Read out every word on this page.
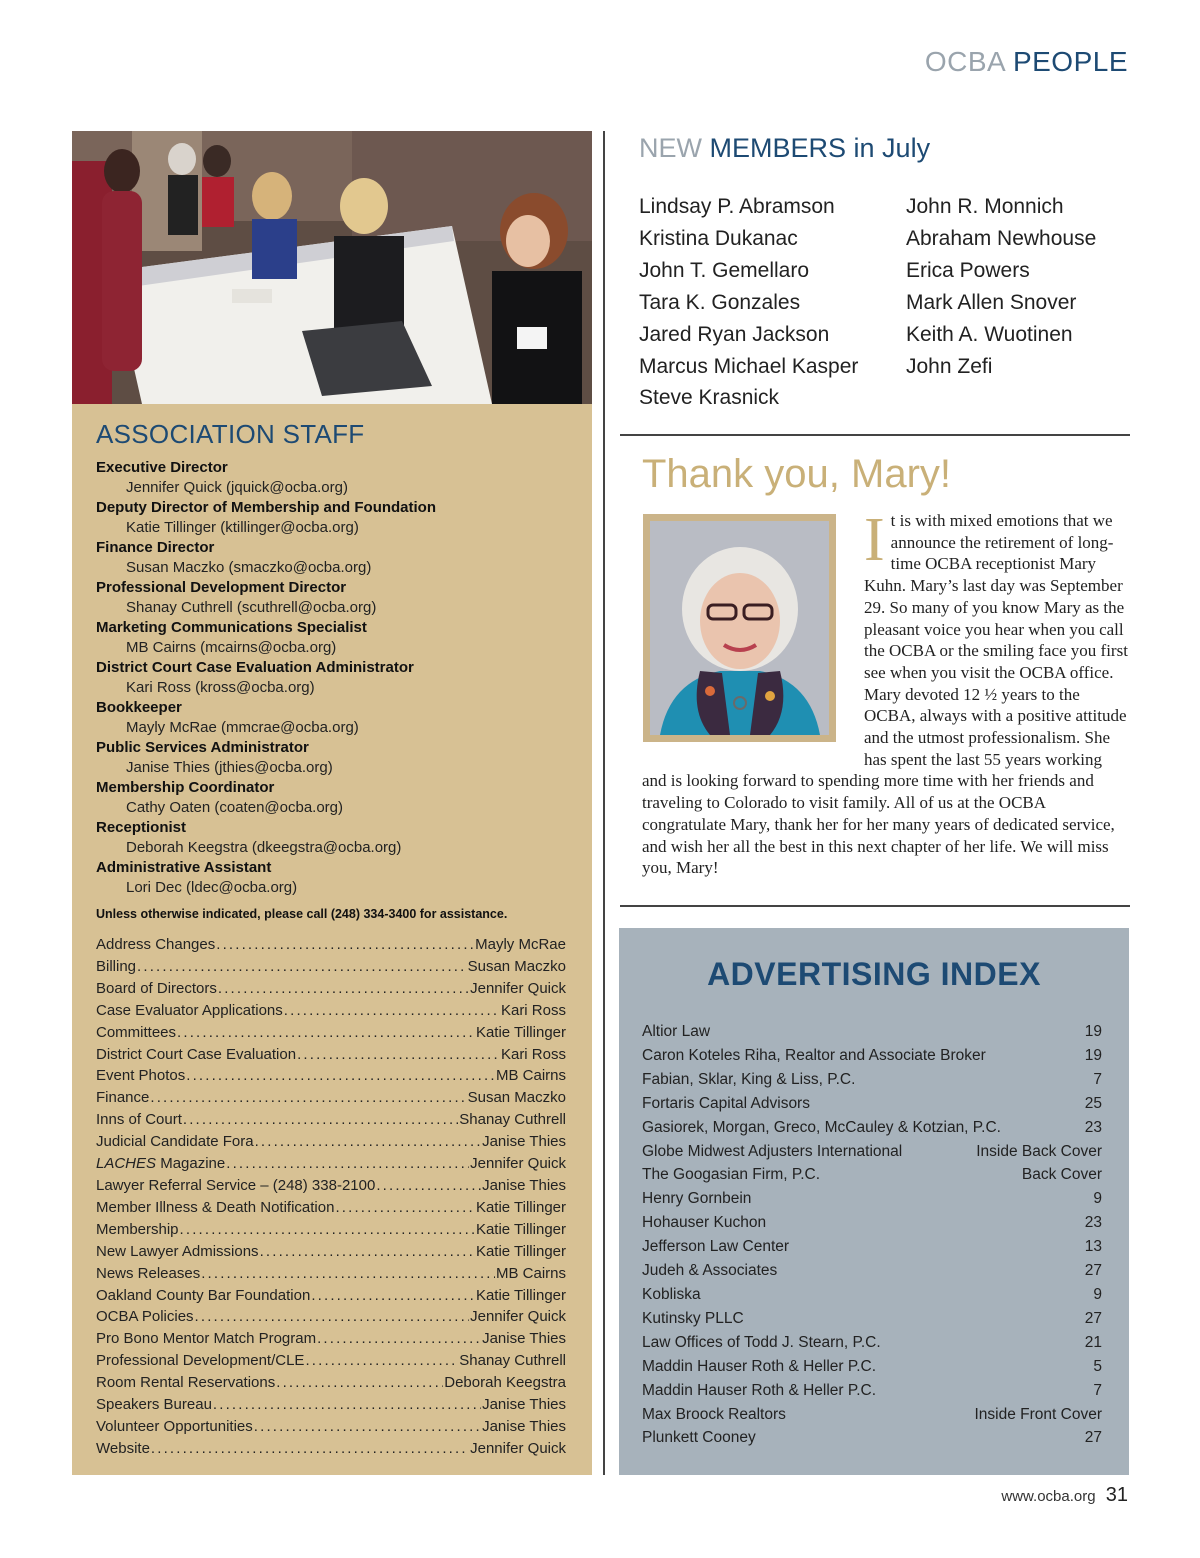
OCBA PEOPLE
ASSOCIATION STAFF
Executive Director
Jennifer Quick (jquick@ocba.org)
Deputy Director of Membership and Foundation
Katie Tillinger (ktillinger@ocba.org)
Finance Director
Susan Maczko (smaczko@ocba.org)
Professional Development Director
Shanay Cuthrell (scuthrell@ocba.org)
Marketing Communications Specialist
MB Cairns (mcairns@ocba.org)
District Court Case Evaluation Administrator
Kari Ross (kross@ocba.org)
Bookkeeper
Mayly McRae (mmcrae@ocba.org)
Public Services Administrator
Janise Thies (jthies@ocba.org)
Membership Coordinator
Cathy Oaten (coaten@ocba.org)
Receptionist
Deborah Keegstra (dkeegstra@ocba.org)
Administrative Assistant
Lori Dec (ldec@ocba.org)
Unless otherwise indicated, please call (248) 334-3400 for assistance.
Address Changes . . .	Mayly McRae
Billing . . .	Susan Maczko
Board of Directors . . .	Jennifer Quick
Case Evaluator Applications . . .	Kari Ross
Committees . . .	Katie Tillinger
District Court Case Evaluation . . .	Kari Ross
Event Photos . . .	MB Cairns
Finance . . .	Susan Maczko
Inns of Court . . .	Shanay Cuthrell
Judicial Candidate Fora . . .	Janise Thies
LACHES Magazine . . .	Jennifer Quick
Lawyer Referral Service – (248) 338-2100 . . .	Janise Thies
Member Illness & Death Notification . . .	Katie Tillinger
Membership . . .	Katie Tillinger
New Lawyer Admissions . . .	Katie Tillinger
News Releases . . .	MB Cairns
Oakland County Bar Foundation . . .	Katie Tillinger
OCBA Policies . . .	Jennifer Quick
Pro Bono Mentor Match Program . . .	Janise Thies
Professional Development/CLE . . .	Shanay Cuthrell
Room Rental Reservations . . .	Deborah Keegstra
Speakers Bureau . . .	Janise Thies
Volunteer Opportunities . . .	Janise Thies
Website . . .	Jennifer Quick
NEW MEMBERS in July
Lindsay P. Abramson
Kristina Dukanac
John T. Gemellaro
Tara K. Gonzales
Jared Ryan Jackson
Marcus Michael Kasper
Steve Krasnick
John R. Monnich
Abraham Newhouse
Erica Powers
Mark Allen Snover
Keith A. Wuotinen
John Zefi
Thank you, Mary!
I t is with mixed emotions that we announce the retirement of long-time OCBA receptionist Mary Kuhn. Mary’s last day was September 29. So many of you know Mary as the pleasant voice you hear when you call the OCBA or the smiling face you first see when you visit the OCBA office. Mary devoted 12 ½ years to the OCBA, always with a positive attitude and the utmost professionalism. She has spent the last 55 years working and is looking forward to spending more time with her friends and traveling to Colorado to visit family. All of us at the OCBA congratulate Mary, thank her for her many years of dedicated service, and wish her all the best in this next chapter of her life. We will miss you, Mary!
ADVERTISING INDEX
Altior Law	19
Caron Koteles Riha, Realtor and Associate Broker	19
Fabian, Sklar, King & Liss, P.C.	7
Fortaris Capital Advisors	25
Gasiorek, Morgan, Greco, McCauley & Kotzian, P.C.	23
Globe Midwest Adjusters International	Inside Back Cover
The Googasian Firm, P.C.	Back Cover
Henry Gornbein	9
Hohauser Kuchon	23
Jefferson Law Center	13
Judeh & Associates	27
Kobliska	9
Kutinsky PLLC	27
Law Offices of Todd J. Stearn, P.C.	21
Maddin Hauser Roth & Heller P.C.	5
Maddin Hauser Roth & Heller P.C.	7
Max Broock Realtors	Inside Front Cover
Plunkett Cooney	27
www.ocba.org 31
